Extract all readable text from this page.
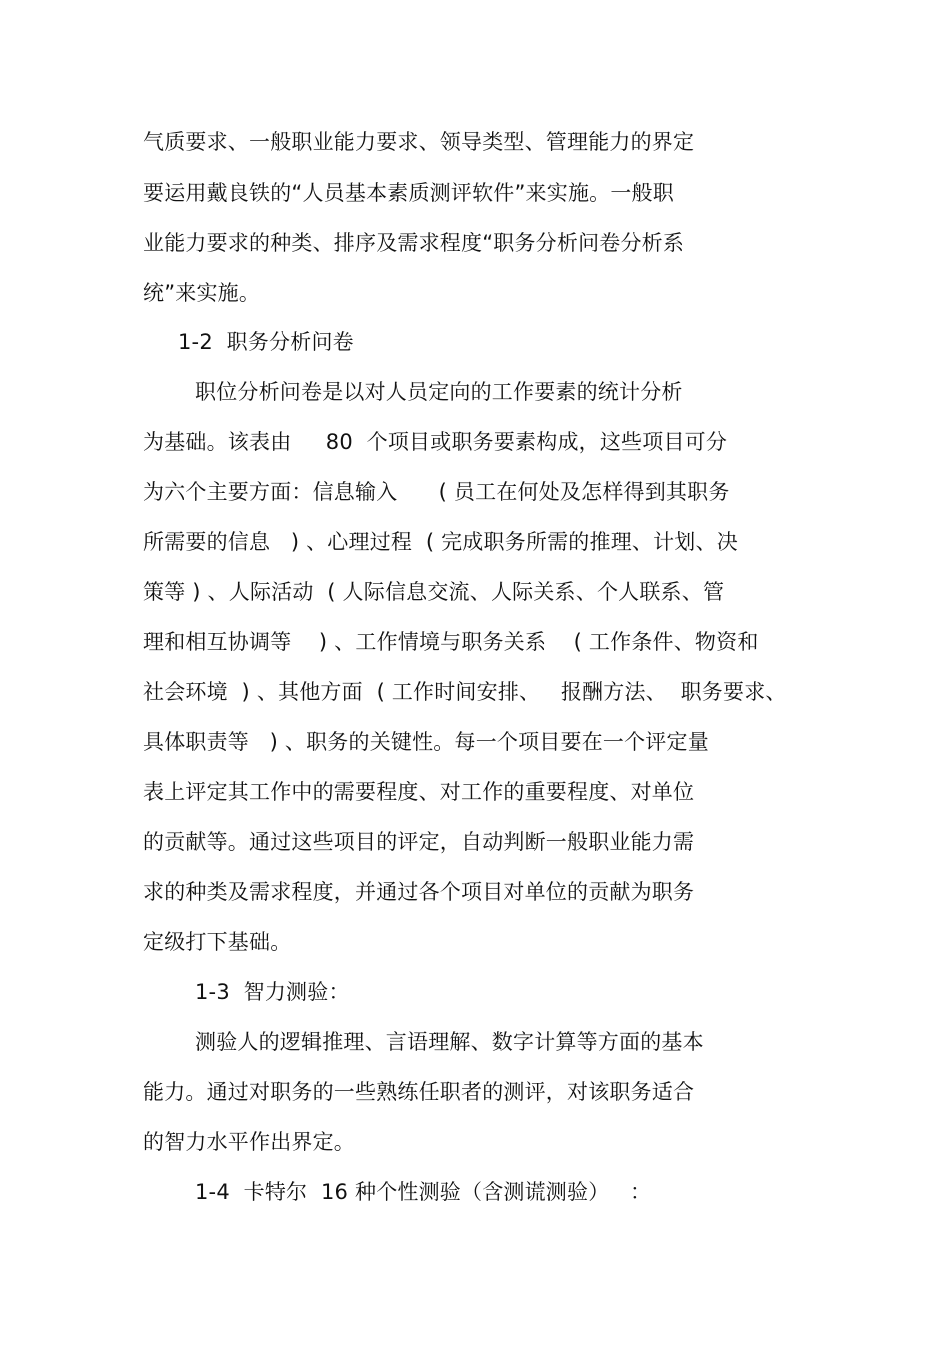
气质要求、一般职业能力要求、领导类型、管理能力的界定
要运用戴良铁的“人员基本素质测评软件”来实施。一般职
业能力要求的种类、排序及需求程度“职务分析问卷分析系
统”来实施。
1-2  职务分析问卷
职位分析问卷是以对人员定向的工作要素的统计分析
为基础。该表由     80  个项目或职务要素构成，这些项目可分
为六个主要方面：信息输入      ( 员工在何处及怎样得到其职务
所需要的信息   ) 、心理过程  ( 完成职务所需的推理、计划、决
策等 ) 、人际活动  ( 人际信息交流、人际关系、个人联系、管
理和相互协调等    ) 、工作情境与职务关系    ( 工作条件、物资和
社会环境  ) 、其他方面  ( 工作时间安排、   报酬方法、  职务要求、
具体职责等   ) 、职务的关键性。每一个项目要在一个评定量
表上评定其工作中的需要程度、对工作的重要程度、对单位
的贡献等。通过这些项目的评定，自动判断一般职业能力需
求的种类及需求程度，并通过各个项目对单位的贡献为职务
定级打下基础。
1-3  智力测验：
测验人的逻辑推理、言语理解、数字计算等方面的基本
能力。通过对职务的一些熟练任职者的测评，对该职务适合
的智力水平作出界定。
1-4  卡特尔  16 种个性测验（含测谎测验）   ：
